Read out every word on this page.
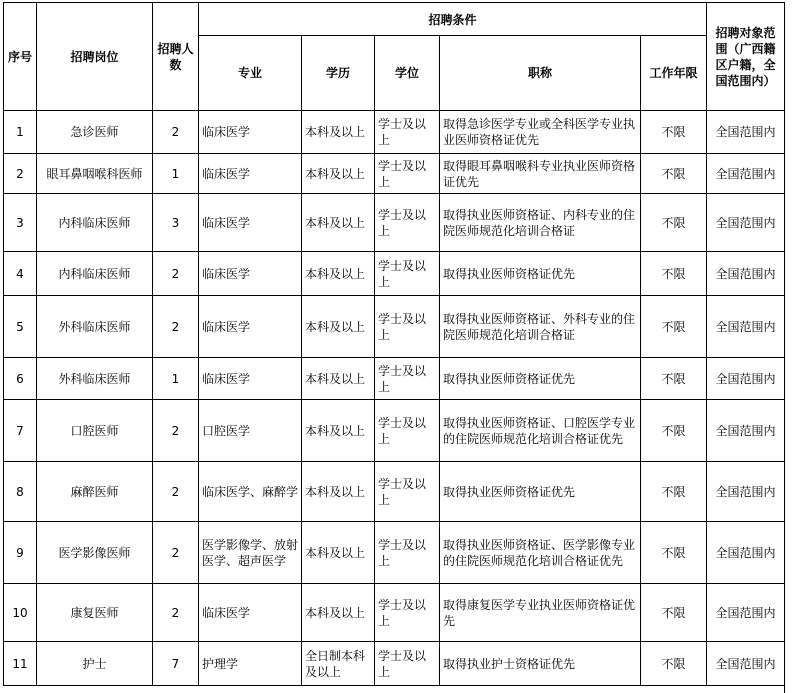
序号	招聘岗位	招聘人数	招聘条件					招聘对象范围（广西籍区户籍，全国范围内）
			专业	学历	学位	职称	工作年限	
1	急诊医师	2	临床医学	本科及以上	学士及以上	取得急诊医学专业或全科医学专业执业医师资格证优先	不限	全国范围内
2	眼耳鼻咽喉科医师	1	临床医学	本科及以上	学士及以上	取得眼耳鼻咽喉科专业执业医师资格证优先	不限	全国范围内
3	内科临床医师	3	临床医学	本科及以上	学士及以上	取得执业医师资格证、内科专业的住院医师规范化培训合格证	不限	全国范围内
4	内科临床医师	2	临床医学	本科及以上	学士及以上	取得执业医师资格证优先	不限	全国范围内
5	外科临床医师	2	临床医学	本科及以上	学士及以上	取得执业医师资格证、外科专业的住院医师规范化培训合格证	不限	全国范围内
6	外科临床医师	1	临床医学	本科及以上	学士及以上	取得执业医师资格证优先	不限	全国范围内
7	口腔医师	2	口腔医学	本科及以上	学士及以上	取得执业医师资格证、口腔医学专业的住院医师规范化培训合格证优先	不限	全国范围内
8	麻醉医师	2	临床医学、麻醉学	本科及以上	学士及以上	取得执业医师资格证优先	不限	全国范围内
9	医学影像医师	2	医学影像学、放射医学、超声医学	本科及以上	学士及以上	取得执业医师资格证、医学影像专业的住院医师规范化培训合格证优先	不限	全国范围内
10	康复医师	2	临床医学	本科及以上	学士及以上	取得康复医学专业执业医师资格证优先	不限	全国范围内
11	护士	7	护理学	全日制本科及以上	学士及以上	取得执业护士资格证优先	不限	全国范围内
